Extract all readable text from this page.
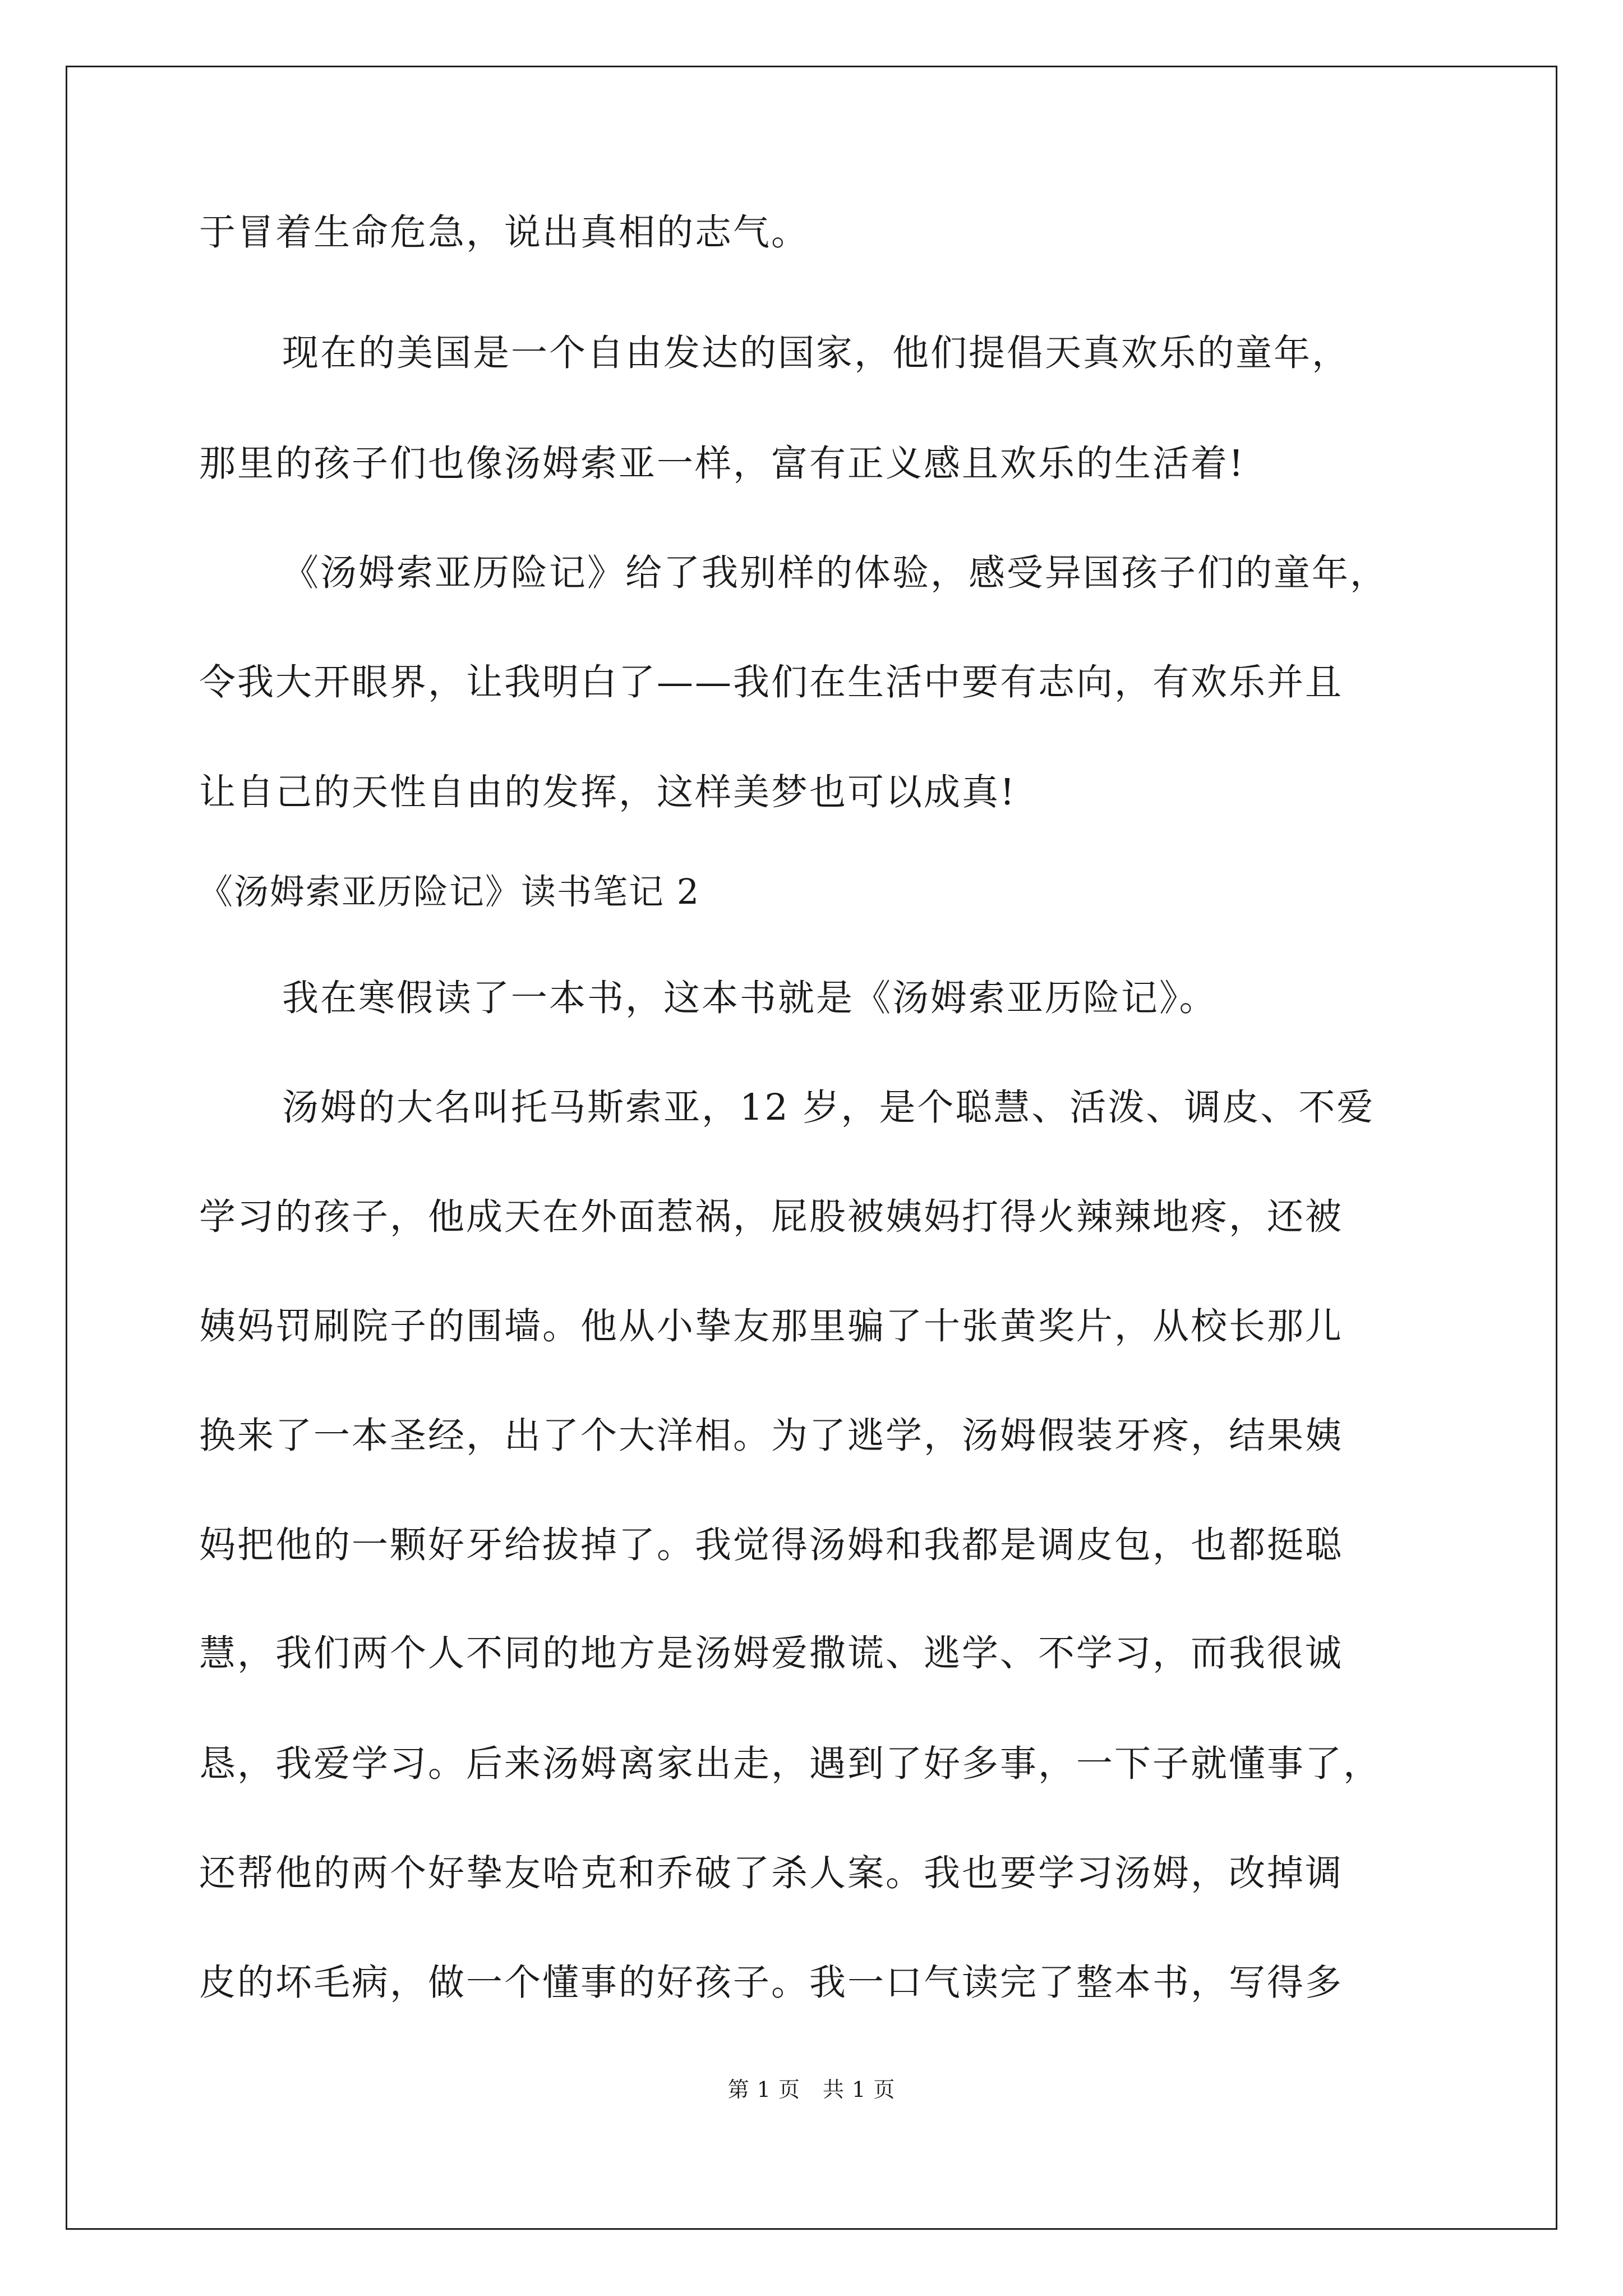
于冒着生命危急，说出真相的志气。
现在的美国是一个自由发达的国家，他们提倡天真欢乐的童年，
那里的孩子们也像汤姆索亚一样，富有正义感且欢乐的生活着!
《汤姆索亚历险记》给了我别样的体验，感受异国孩子们的童年，
令我大开眼界，让我明白了——我们在生活中要有志向，有欢乐并且
让自己的天性自由的发挥，这样美梦也可以成真!
《汤姆索亚历险记》读书笔记 2
我在寒假读了一本书，这本书就是《汤姆索亚历险记》。
汤姆的大名叫托马斯索亚，12 岁，是个聪慧、活泼、调皮、不爱
学习的孩子，他成天在外面惹祸，屁股被姨妈打得火辣辣地疼，还被
姨妈罚刷院子的围墙。他从小挚友那里骗了十张黄奖片，从校长那儿
换来了一本圣经，出了个大洋相。为了逃学，汤姆假装牙疼，结果姨
妈把他的一颗好牙给拔掉了。我觉得汤姆和我都是调皮包，也都挺聪
慧，我们两个人不同的地方是汤姆爱撒谎、逃学、不学习，而我很诚
恳，我爱学习。后来汤姆离家出走，遇到了好多事，一下子就懂事了，
还帮他的两个好挚友哈克和乔破了杀人案。我也要学习汤姆，改掉调
皮的坏毛病，做一个懂事的好孩子。我一口气读完了整本书，写得多
第 1 页 共 1 页
